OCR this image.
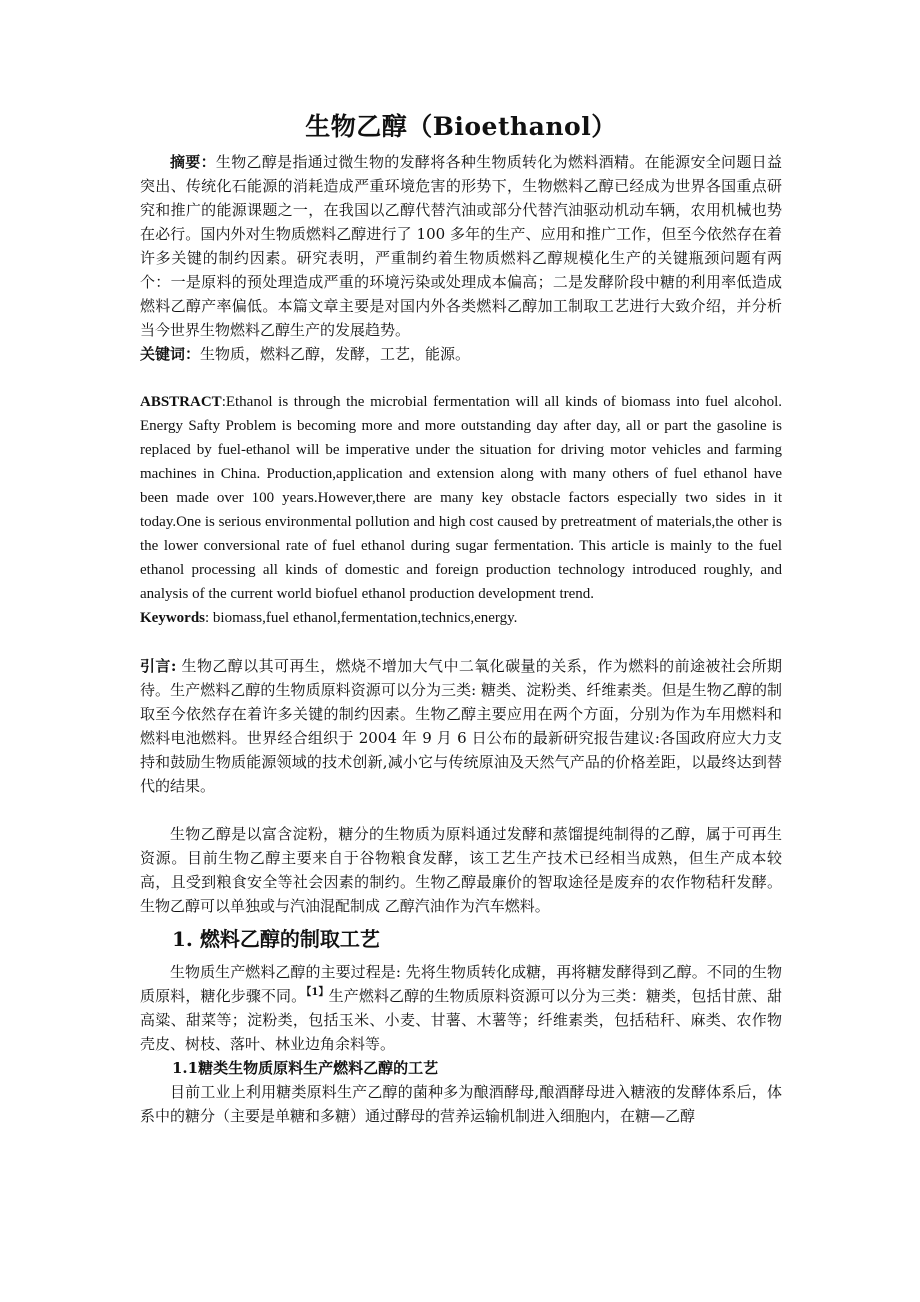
生物乙醇（Bioethanol）

摘要：生物乙醇是指通过微生物的发酵将各种生物质转化为燃料酒精。在能源安全问题日益突出、传统化石能源的消耗造成严重环境危害的形势下，生物燃料乙醇已经成为世界各国重点研究和推广的能源课题之一，在我国以乙醇代替汽油或部分代替汽油驱动机动车辆，农用机械也势在必行。国内外对生物质燃料乙醇进行了 100 多年的生产、应用和推广工作，但至今依然存在着许多关键的制约因素。研究表明，严重制约着生物质燃料乙醇规模化生产的关键瓶颈问题有两个：一是原料的预处理造成严重的环境污染或处理成本偏高；二是发酵阶段中糖的利用率低造成燃料乙醇产率偏低。本篇文章主要是对国内外各类燃料乙醇加工制取工艺进行大致介绍，并分析当今世界生物燃料乙醇生产的发展趋势。

关键词：生物质，燃料乙醇，发酵，工艺，能源。

ABSTRACT:Ethanol is through the microbial fermentation will all kinds of biomass into fuel alcohol. Energy Safty Problem is becoming more and more outstanding day after day, all or part the gasoline is replaced by fuel-ethanol will be imperative under the situation for driving motor vehicles and farming machines in China. Production,application and extension along with many others of fuel ethanol have been made over 100 years.However,there are many key obstacle factors especially two sides in it today.One is serious environmental pollution and high cost caused by pretreatment of materials,the other is the lower conversional rate of fuel ethanol during sugar fermentation. This article is mainly to the fuel ethanol processing all kinds of domestic and foreign production technology introduced roughly, and analysis of the current world biofuel ethanol production development trend.

Keywords: biomass,fuel ethanol,fermentation,technics,energy.

引言: 生物乙醇以其可再生，燃烧不增加大气中二氧化碳量的关系，作为燃料的前途被社会所期待。生产燃料乙醇的生物质原料资源可以分为三类: 糖类、淀粉类、纤维素类。但是生物乙醇的制取至今依然存在着许多关键的制约因素。生物乙醇主要应用在两个方面，分别为作为车用燃料和燃料电池燃料。世界经合组织于 2004 年 9 月 6 日公布的最新研究报告建议:各国政府应大力支持和鼓励生物质能源领域的技术创新,减小它与传统原油及天然气产品的价格差距，以最终达到替代的结果。

生物乙醇是以富含淀粉，糖分的生物质为原料通过发酵和蒸馏提纯制得的乙醇，属于可再生资源。目前生物乙醇主要来自于谷物粮食发酵，该工艺生产技术已经相当成熟，但生产成本较高，且受到粮食安全等社会因素的制约。生物乙醇最廉价的智取途径是废弃的农作物秸秆发酵。生物乙醇可以单独或与汽油混配制成 乙醇汽油作为汽车燃料。

1. 燃料乙醇的制取工艺

生物质生产燃料乙醇的主要过程是: 先将生物质转化成糖，再将糖发酵得到乙醇。不同的生物质原料，糖化步骤不同。$^{【1】}$生产燃料乙醇的生物质原料资源可以分为三类：糖类，包括甘蔗、甜高粱、甜菜等；淀粉类，包括玉米、小麦、甘薯、木薯等；纤维素类，包括秸秆、麻类、农作物壳皮、树枝、落叶、林业边角余料等。

1.1糖类生物质原料生产燃料乙醇的工艺

目前工业上利用糖类原料生产乙醇的菌种多为酿酒酵母,酿酒酵母进入糖液的发酵体系后，体系中的糖分（主要是单糖和多糖）通过酵母的营养运输机制进入细胞内，在糖—乙醇
